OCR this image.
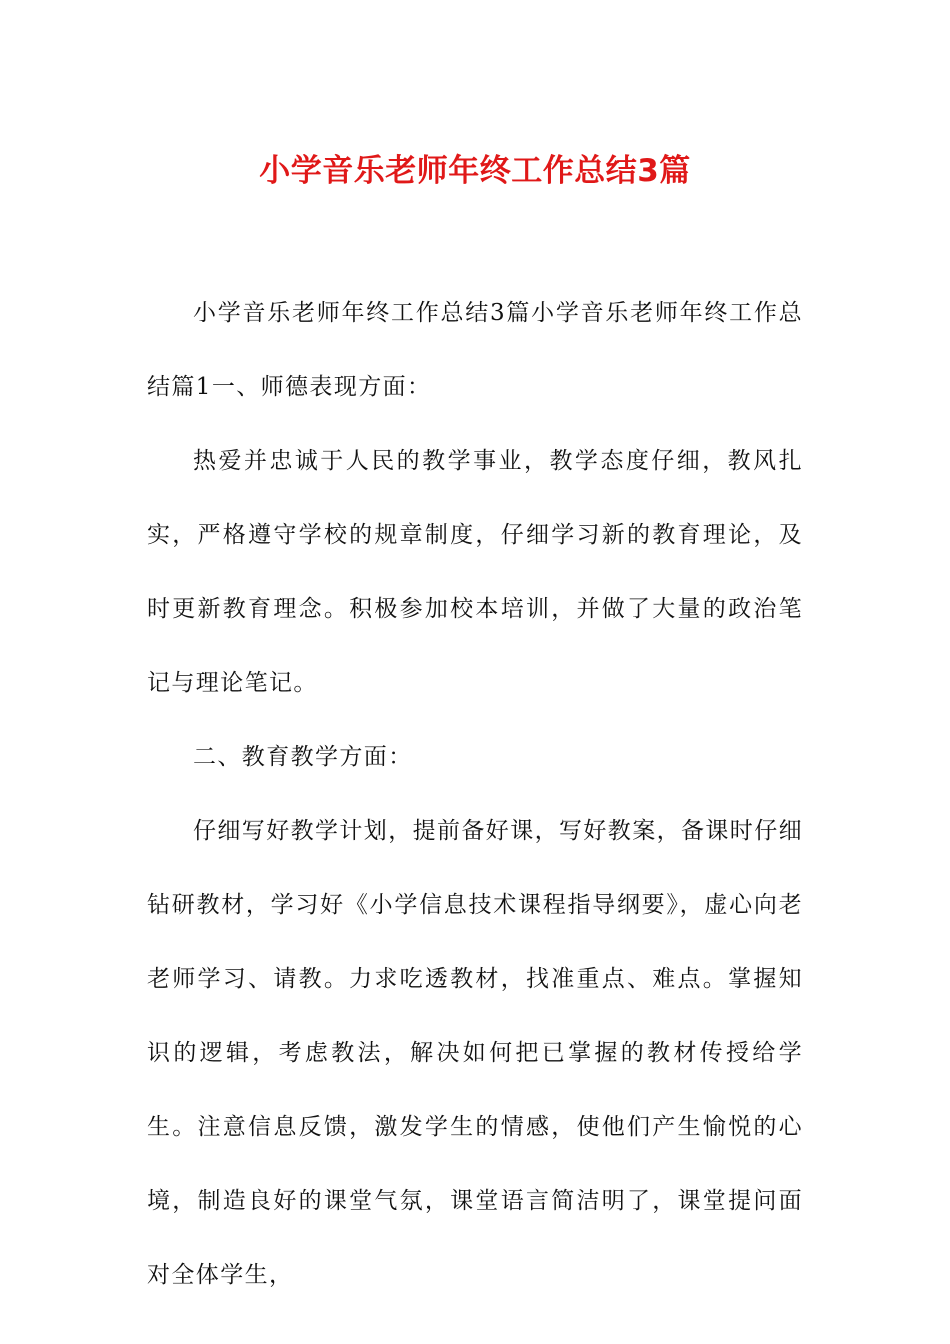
小学音乐老师年终工作总结3篇

小学音乐老师年终工作总结3篇小学音乐老师年终工作总结篇1一、师德表现方面：

热爱并忠诚于人民的教学事业，教学态度仔细，教风扎实，严格遵守学校的规章制度，仔细学习新的教育理论，及时更新教育理念。积极参加校本培训，并做了大量的政治笔记与理论笔记。

二、教育教学方面：

仔细写好教学计划，提前备好课，写好教案，备课时仔细钻研教材，学习好《小学信息技术课程指导纲要》，虚心向老老师学习、请教。力求吃透教材，找准重点、难点。掌握知识的逻辑，考虑教法，解决如何把已掌握的教材传授给学生。注意信息反馈，激发学生的情感，使他们产生愉悦的心境，制造良好的课堂气氛，课堂语言简洁明了，课堂提问面对全体学生，
